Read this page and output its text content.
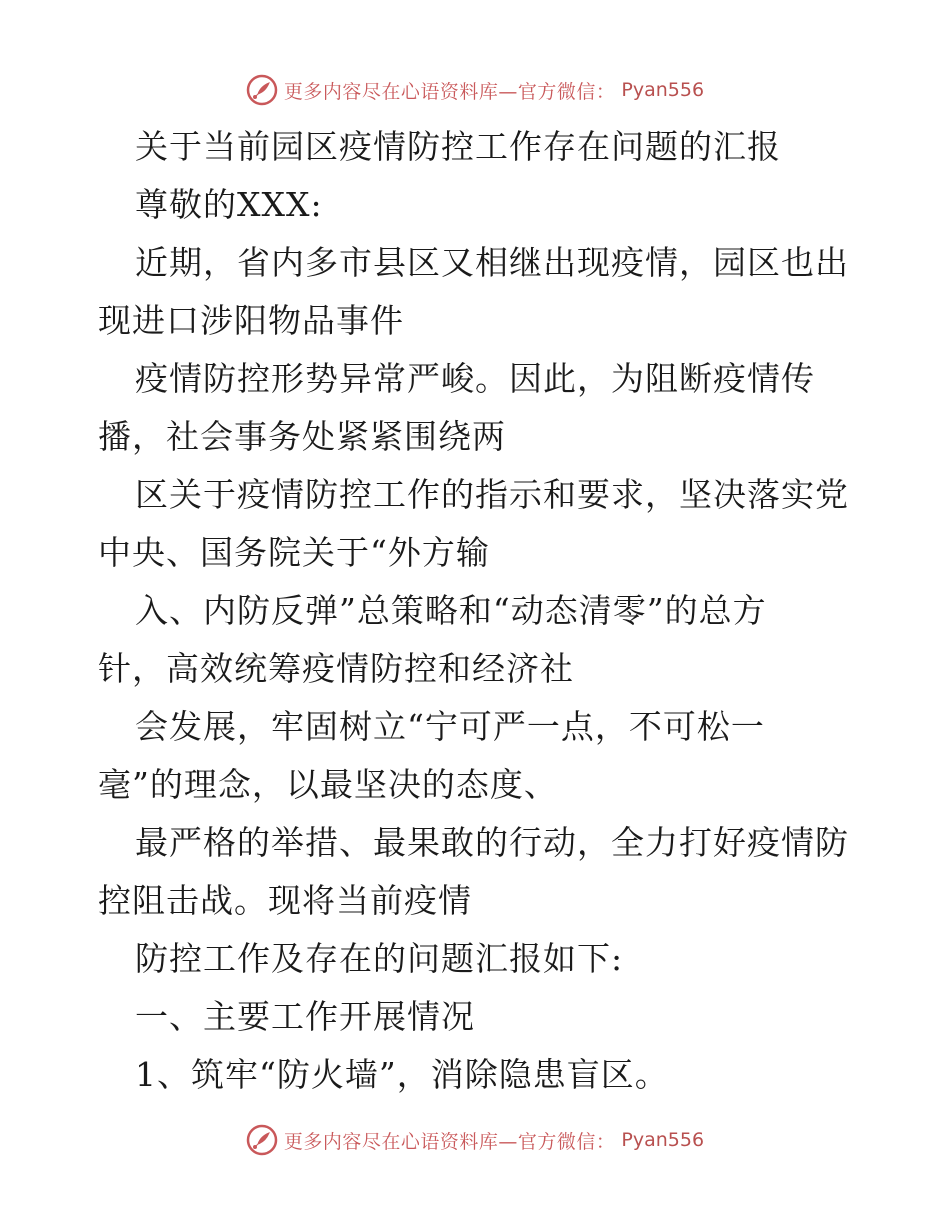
更多内容尽在心语资料库—官方微信： Pyan556
关于当前园区疫情防控工作存在问题的汇报
尊敬的XXX:
近期，省内多市县区又相继出现疫情，园区也出
现进口涉阳物品事件
疫情防控形势异常严峻。因此，为阻断疫情传
播，社会事务处紧紧围绕两
区关于疫情防控工作的指示和要求，坚决落实党
中央、国务院关于“外方输
入、内防反弹”总策略和“动态清零”的总方
针，高效统筹疫情防控和经济社
会发展，牢固树立“宁可严一点，不可松一
毫”的理念，以最坚决的态度、
最严格的举措、最果敢的行动，全力打好疫情防
控阻击战。现将当前疫情
防控工作及存在的问题汇报如下:
一、主要工作开展情况
1、筑牢“防火墙”，消除隐患盲区。
更多内容尽在心语资料库—官方微信： Pyan556
